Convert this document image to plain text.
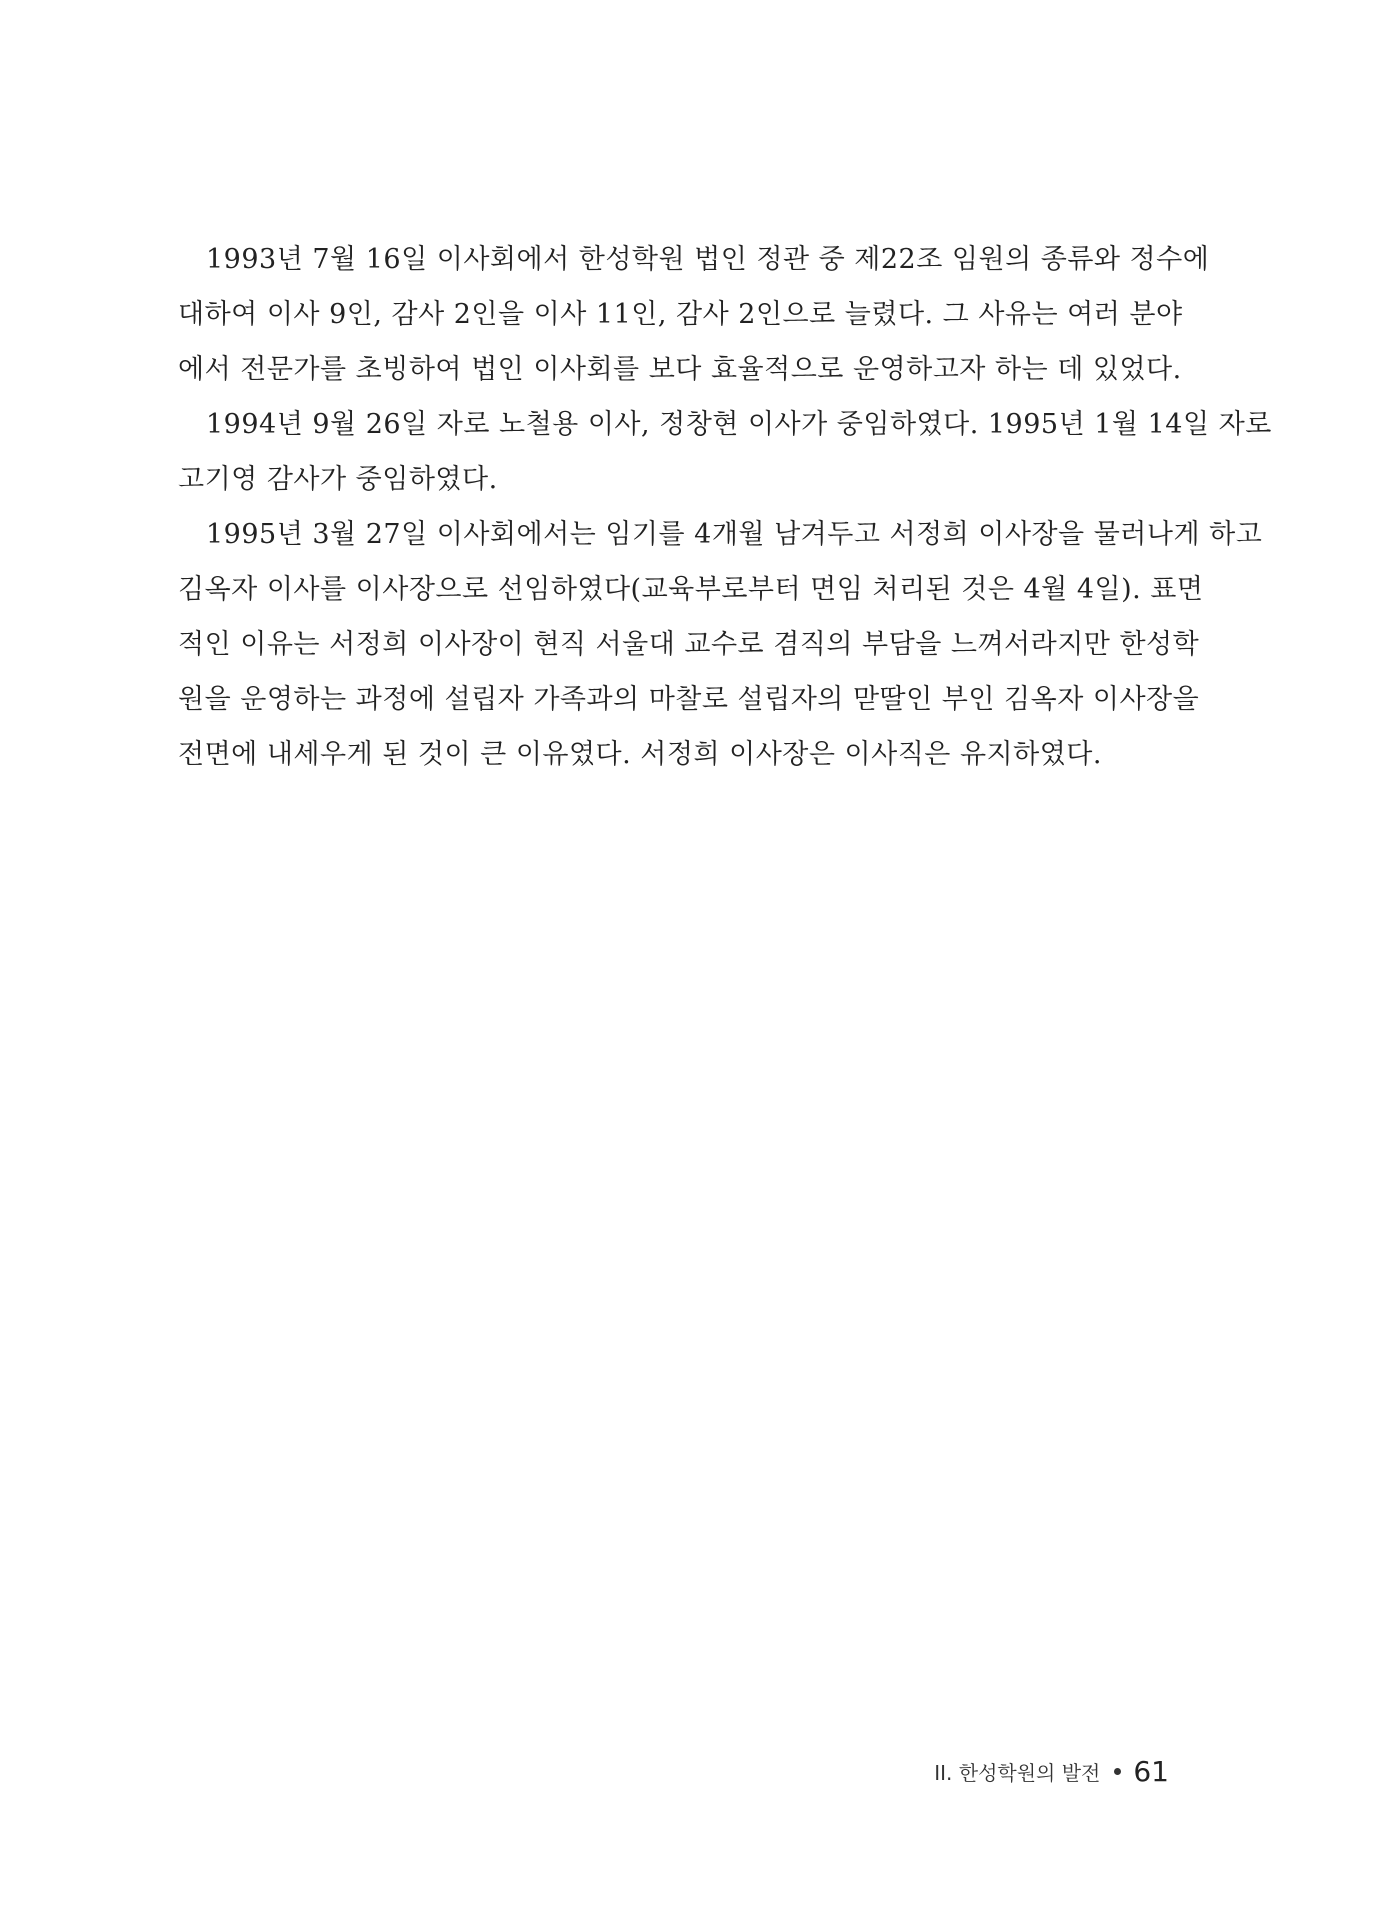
1993년 7월 16일 이사회에서 한성학원 법인 정관 중 제22조 임원의 종류와 정수에
대하여 이사 9인, 감사 2인을 이사 11인, 감사 2인으로 늘렸다. 그 사유는 여러 분야
에서 전문가를 초빙하여 법인 이사회를 보다 효율적으로 운영하고자 하는 데 있었다.
1994년 9월 26일 자로 노철용 이사, 정창현 이사가 중임하였다. 1995년 1월 14일 자로
고기영 감사가 중임하였다.
1995년 3월 27일 이사회에서는 임기를 4개월 남겨두고 서정희 이사장을 물러나게 하고
김옥자 이사를 이사장으로 선임하였다(교육부로부터 면임 처리된 것은 4월 4일). 표면
적인 이유는 서정희 이사장이 현직 서울대 교수로 겸직의 부담을 느껴서라지만 한성학
원을 운영하는 과정에 설립자 가족과의 마찰로 설립자의 맏딸인 부인 김옥자 이사장을
전면에 내세우게 된 것이 큰 이유였다. 서정희 이사장은 이사직은 유지하였다.
II. 한성학원의 발전 61
